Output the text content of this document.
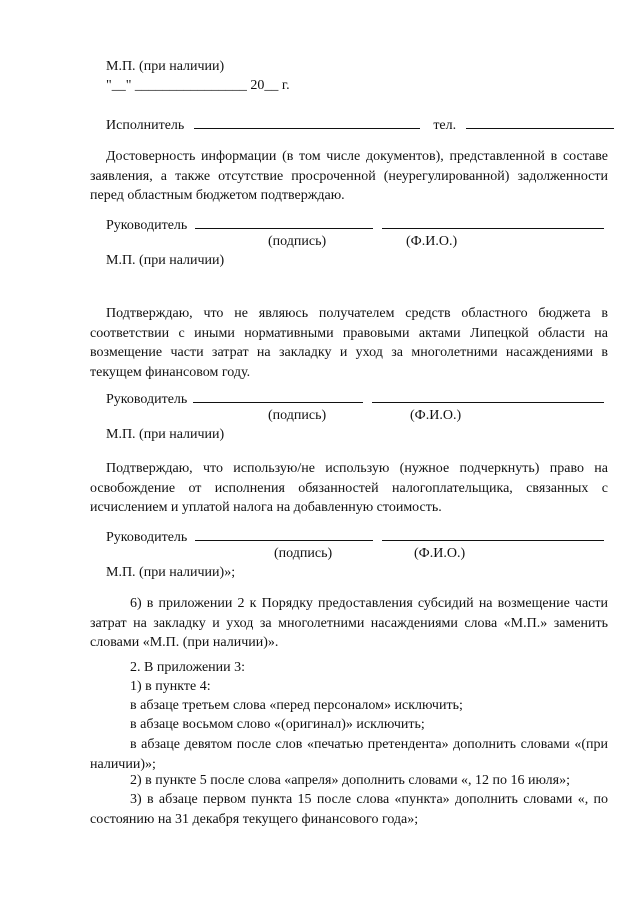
М.П. (при наличии)
"__" ________________ 20__ г.
Исполнитель	тел.

Достоверность информации (в том числе документов), представленной в составе заявления, а также отсутствие просроченной (неурегулированной) задолженности перед областным бюджетом подтверждаю.

Руководитель
(подпись)	(Ф.И.О.)
М.П. (при наличии)

Подтверждаю, что не являюсь получателем средств областного бюджета в соответствии с иными нормативными правовыми актами Липецкой области на возмещение части затрат на закладку и уход за многолетними насаждениями в текущем финансовом году.

Руководитель
(подпись)	(Ф.И.О.)
М.П. (при наличии)

Подтверждаю, что использую/не использую (нужное подчеркнуть) право на освобождение от исполнения обязанностей налогоплательщика, связанных с исчислением и уплатой налога на добавленную стоимость.

Руководитель
(подпись)	(Ф.И.О.)
М.П. (при наличии)»;

6) в приложении 2 к Порядку предоставления субсидий на возмещение части затрат на закладку и уход за многолетними насаждениями слова «М.П.» заменить словами «М.П. (при наличии)».

2. В приложении 3:
1) в пункте 4:
в абзаце третьем слова «перед персоналом» исключить;
в абзаце восьмом слово «(оригинал)» исключить;

в абзаце девятом после слов «печатью претендента» дополнить словами «(при наличии)»;

2) в пункте 5 после слова «апреля» дополнить словами «, 12 по 16 июля»;

3) в абзаце первом пункта 15 после слова «пункта» дополнить словами «, по состоянию на 31 декабря текущего финансового года»;
